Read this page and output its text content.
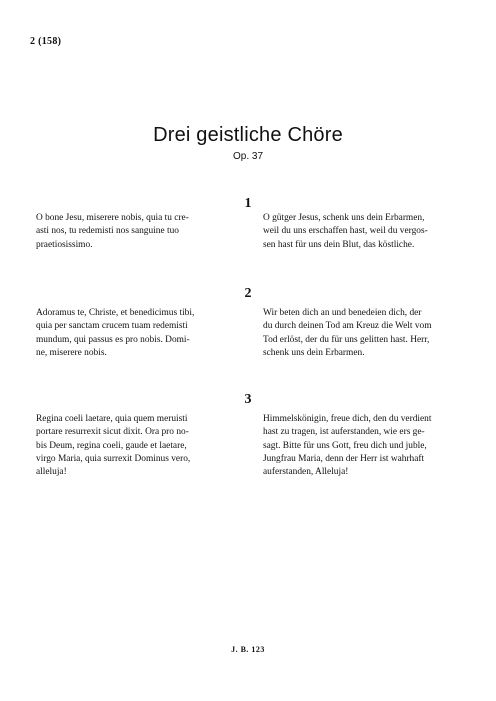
2 (158)
Drei geistliche Chöre
Op. 37
1
O bone Jesu, miserere nobis, quia tu cre-
asti nos, tu redemisti nos sanguine tuo
praetiosissimo.
O gütger Jesus, schenk uns dein Erbarmen,
weil du uns erschaffen hast, weil du vergos-
sen hast für uns dein Blut, das köstliche.
2
Adoramus te, Christe, et benedicimus tibi,
quia per sanctam crucem tuam redemisti
mundum, qui passus es pro nobis. Domi-
ne, miserere nobis.
Wir beten dich an und benedeien dich, der
du durch deinen Tod am Kreuz die Welt vom
Tod erlöst, der du für uns gelitten hast. Herr,
schenk uns dein Erbarmen.
3
Regina coeli laetare, quia quem meruisti
portare resurrexit sicut dixit. Ora pro no-
bis Deum, regina coeli, gaude et laetare,
virgo Maria, quia surrexit Dominus vero,
alleluja!
Himmelskönigin, freue dich, den du verdient
hast zu tragen, ist auferstanden, wie ers ge-
sagt. Bitte für uns Gott, freu dich und juble,
Jungfrau Maria, denn der Herr ist wahrhaft
auferstanden, Alleluja!
J. B. 123
